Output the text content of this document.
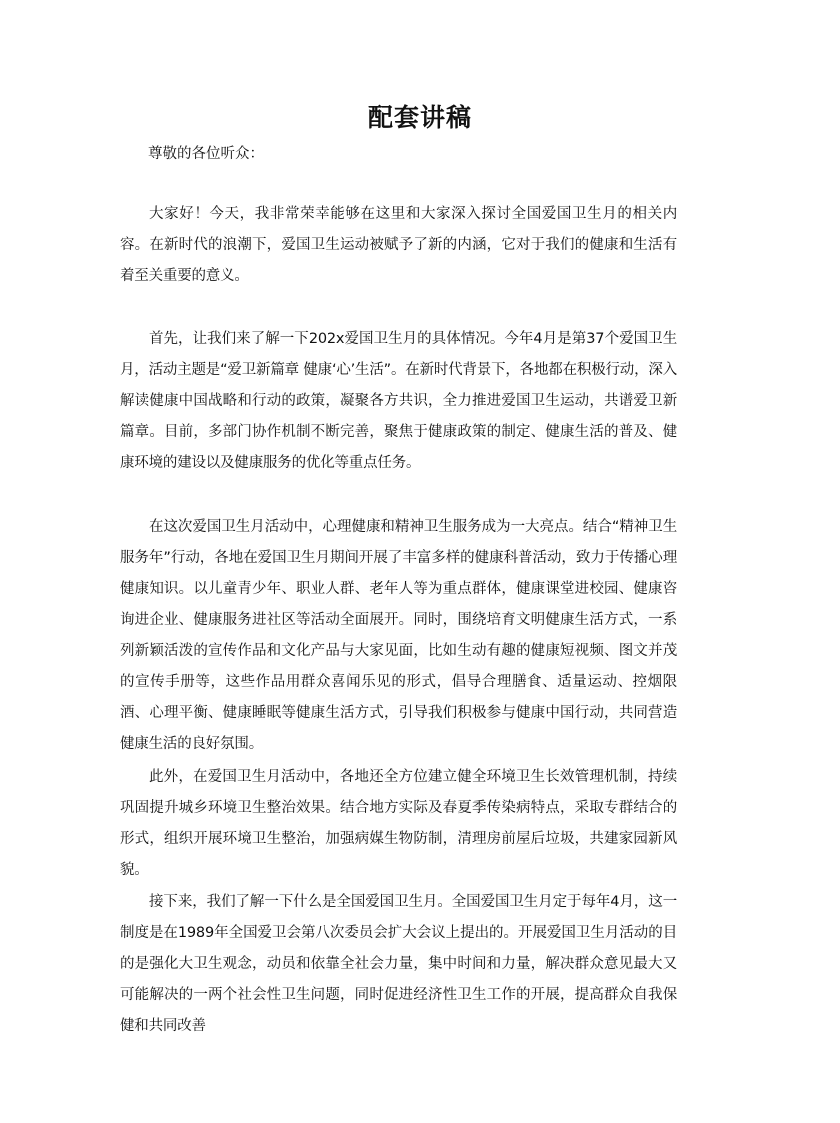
配套讲稿

尊敬的各位听众：

大家好！今天，我非常荣幸能够在这里和大家深入探讨全国爱国卫生月的相关内容。在新时代的浪潮下，爱国卫生运动被赋予了新的内涵，它对于我们的健康和生活有着至关重要的意义。

首先，让我们来了解一下202x爱国卫生月的具体情况。今年4月是第37个爱国卫生月，活动主题是“爱卫新篇章 健康‘心’生活”。在新时代背景下，各地都在积极行动，深入解读健康中国战略和行动的政策，凝聚各方共识，全力推进爱国卫生运动，共谱爱卫新篇章。目前，多部门协作机制不断完善，聚焦于健康政策的制定、健康生活的普及、健康环境的建设以及健康服务的优化等重点任务。

在这次爱国卫生月活动中，心理健康和精神卫生服务成为一大亮点。结合“精神卫生服务年”行动，各地在爱国卫生月期间开展了丰富多样的健康科普活动，致力于传播心理健康知识。以儿童青少年、职业人群、老年人等为重点群体，健康课堂进校园、健康咨询进企业、健康服务进社区等活动全面展开。同时，围绕培育文明健康生活方式，一系列新颖活泼的宣传作品和文化产品与大家见面，比如生动有趣的健康短视频、图文并茂的宣传手册等，这些作品用群众喜闻乐见的形式，倡导合理膳食、适量运动、控烟限酒、心理平衡、健康睡眠等健康生活方式，引导我们积极参与健康中国行动，共同营造健康生活的良好氛围。

此外，在爱国卫生月活动中，各地还全方位建立健全环境卫生长效管理机制，持续巩固提升城乡环境卫生整治效果。结合地方实际及春夏季传染病特点，采取专群结合的形式，组织开展环境卫生整治，加强病媒生物防制，清理房前屋后垃圾，共建家园新风貌。

接下来，我们了解一下什么是全国爱国卫生月。全国爱国卫生月定于每年4月，这一制度是在1989年全国爱卫会第八次委员会扩大会议上提出的。开展爱国卫生月活动的目的是强化大卫生观念，动员和依靠全社会力量，集中时间和力量，解决群众意见最大又可能解决的一两个社会性卫生问题，同时促进经济性卫生工作的开展，提高群众自我保健和共同改善
